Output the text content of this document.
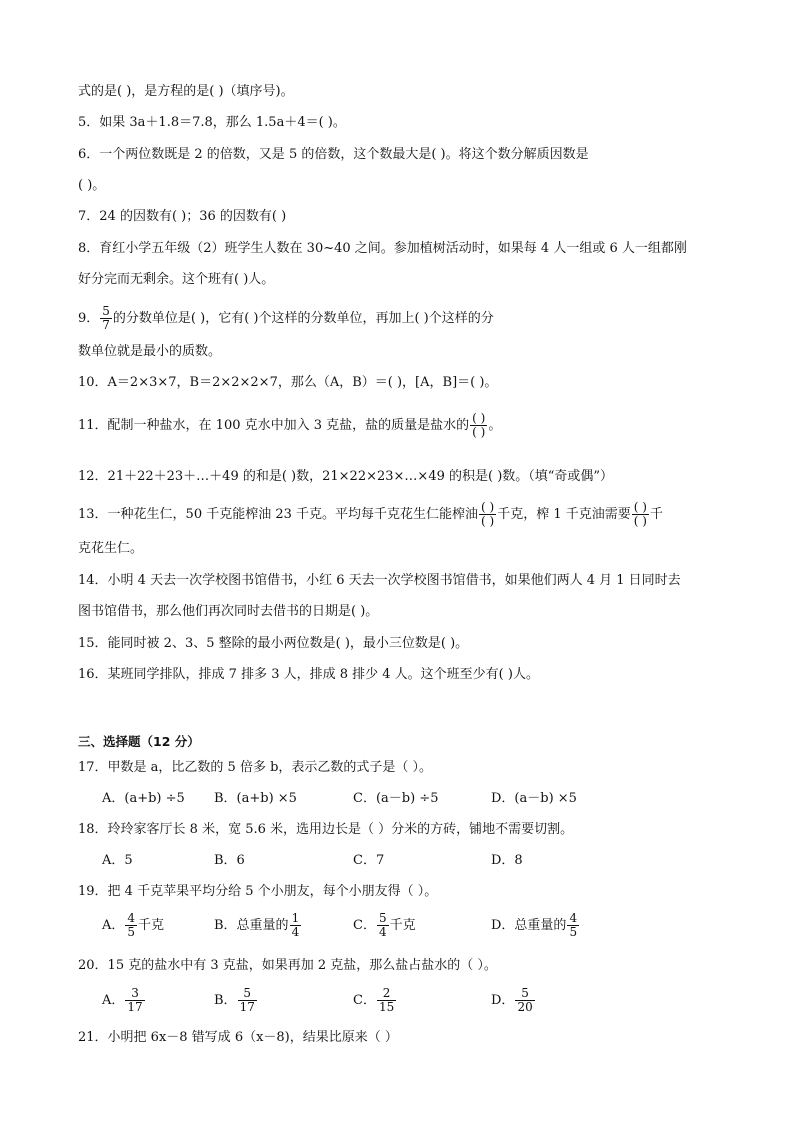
式的是( )，是方程的是( )（填序号)。
5．如果 3a＋1.8＝7.8，那么 1.5a＋4＝( )。
6．一个两位数既是 2 的倍数，又是 5 的倍数，这个数最大是( )。将这个数分解质因数是
( )。
7．24 的因数有( )；36 的因数有( )
8．育红小学五年级（2）班学生人数在 30~40 之间。参加植树活动时，如果每 4 人一组或 6 人一组都刚
好分完而无剩余。这个班有( )人。
9． $\frac{5}{7}$ 的分数单位是( )，它有( )个这样的分数单位，再加上( )个这样的分
数单位就是最小的质数。
10．A＝2×3×7，B＝2×2×2×7，那么（A，B）＝( )，[A，B]＝( )。
11．配制一种盐水，在 100 克水中加入 3 克盐，盐的质量是盐水的 ( )
( ) 。
12．21＋22＋23＋…＋49 的和是( )数，21×22×23×…×49 的积是( )数。（填“奇或偶”）
13．一种花生仁，50 千克能榨油 23 千克。平均每千克花生仁能榨油 ( )
( ) 千克，榨 1 千克油需要 ( )
( ) 千
克花生仁。
14．小明 4 天去一次学校图书馆借书，小红 6 天去一次学校图书馆借书，如果他们两人 4 月 1 日同时去
图书馆借书，那么他们再次同时去借书的日期是( )。
15．能同时被 2、3、5 整除的最小两位数是( )，最小三位数是( )。
16．某班同学排队，排成 7 排多 3 人，排成 8 排少 4 人。这个班至少有( )人。
三、选择题（12 分）
17．甲数是 a，比乙数的 5 倍多 b，表示乙数的式子是（ ）。
A．(a+b) ÷5 B．(a+b) ×5	C．(a－b) ÷5	D．(a－b) ×5
18．玲玲家客厅长 8 米，宽 5.6 米，选用边长是（ ）分米的方砖，铺地不需要切割。
A．5	B．6	C．7	D．8
19．把 4 千克苹果平均分给 5 个小朋友，每个小朋友得（ ）。
A． $\frac{4}{5}$ 千克	B．总重量的 $\frac{1}{4}$	C． $\frac{5}{4}$ 千克	D．总重量的 $\frac{4}{5}$
20．15 克的盐水中有 3 克盐，如果再加 2 克盐，那么盐占盐水的（ ）。
A． $\frac{3}{17}$	B． $\frac{5}{17}$	C． $\frac{2}{15}$	D． $\frac{5}{20}$
21．小明把 6x－8 错写成 6（x－8)，结果比原来（ ）
